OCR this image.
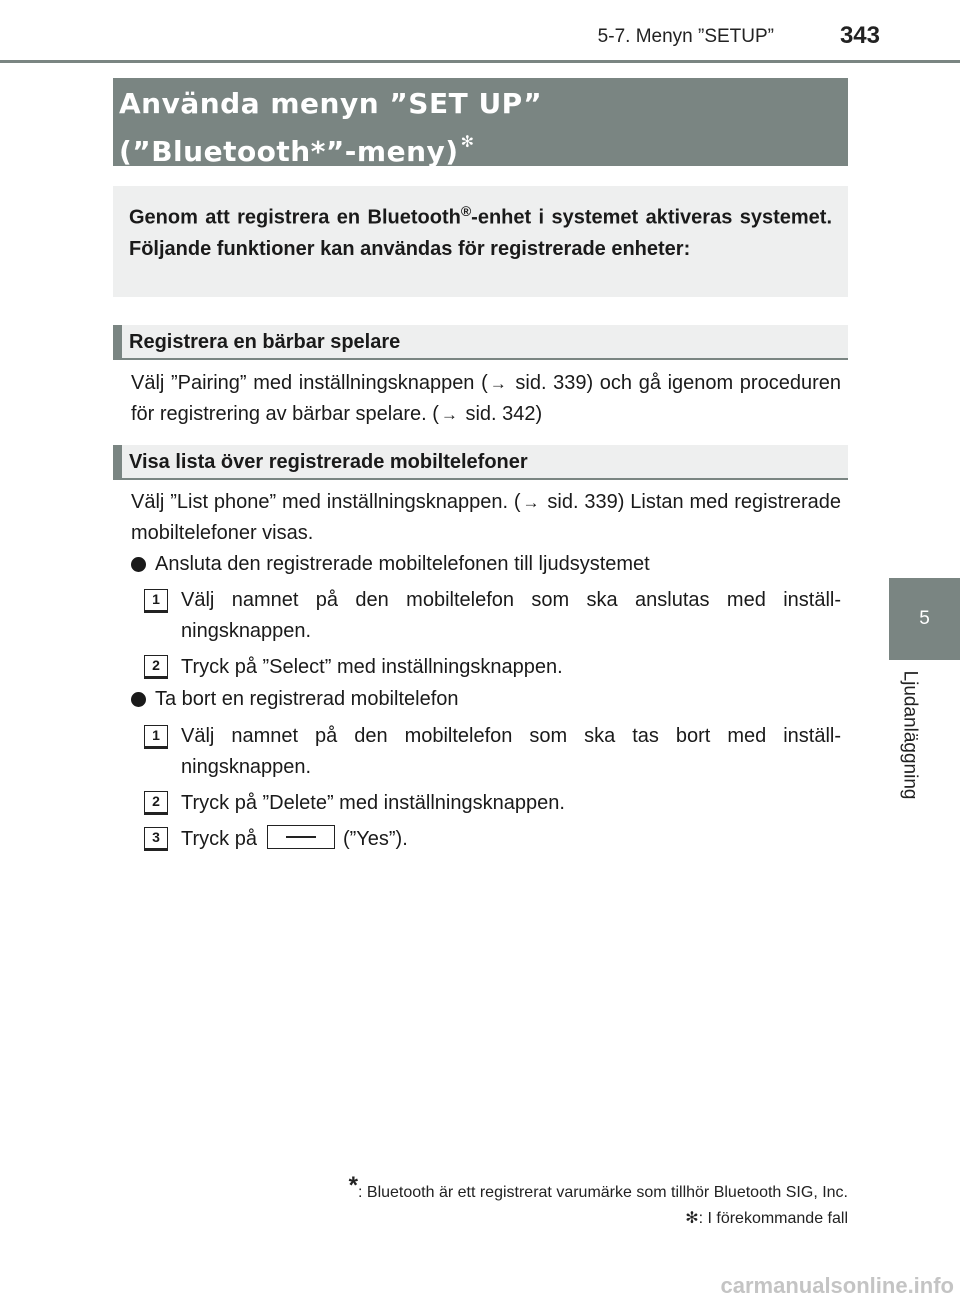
5-7. Menyn ”SETUP”	343
5
Ljudanläggning
Använda menyn ”SET UP”
(”Bluetooth*”-meny) ✻
Genom att registrera en Bluetooth®-enhet i systemet aktiveras systemet. Följande funktioner kan användas för registrerade enheter:
Registrera en bärbar spelare
Välj ”Pairing” med inställningsknappen ( → sid. 339) och gå igenom proceduren för registrering av bärbar spelare. ( → sid. 342)
Visa lista över registrerade mobiltelefoner
Välj ”List phone” med inställningsknappen. ( → sid. 339) Listan med registrerade mobiltelefoner visas.
Ansluta den registrerade mobiltelefonen till ljudsystemet
1	Välj namnet på den mobiltelefon som ska anslutas med inställ-ningsknappen.
2	Tryck på ”Select” med inställningsknappen.
Ta bort en registrerad mobiltelefon
1	Välj namnet på den mobiltelefon som ska tas bort med inställ-ningsknappen.
2	Tryck på ”Delete” med inställningsknappen.
3	Tryck på	(”Yes”).
*: Bluetooth är ett registrerat varumärke som tillhör Bluetooth SIG, Inc.
✻: I förekommande fall
carmanualsonline.info
